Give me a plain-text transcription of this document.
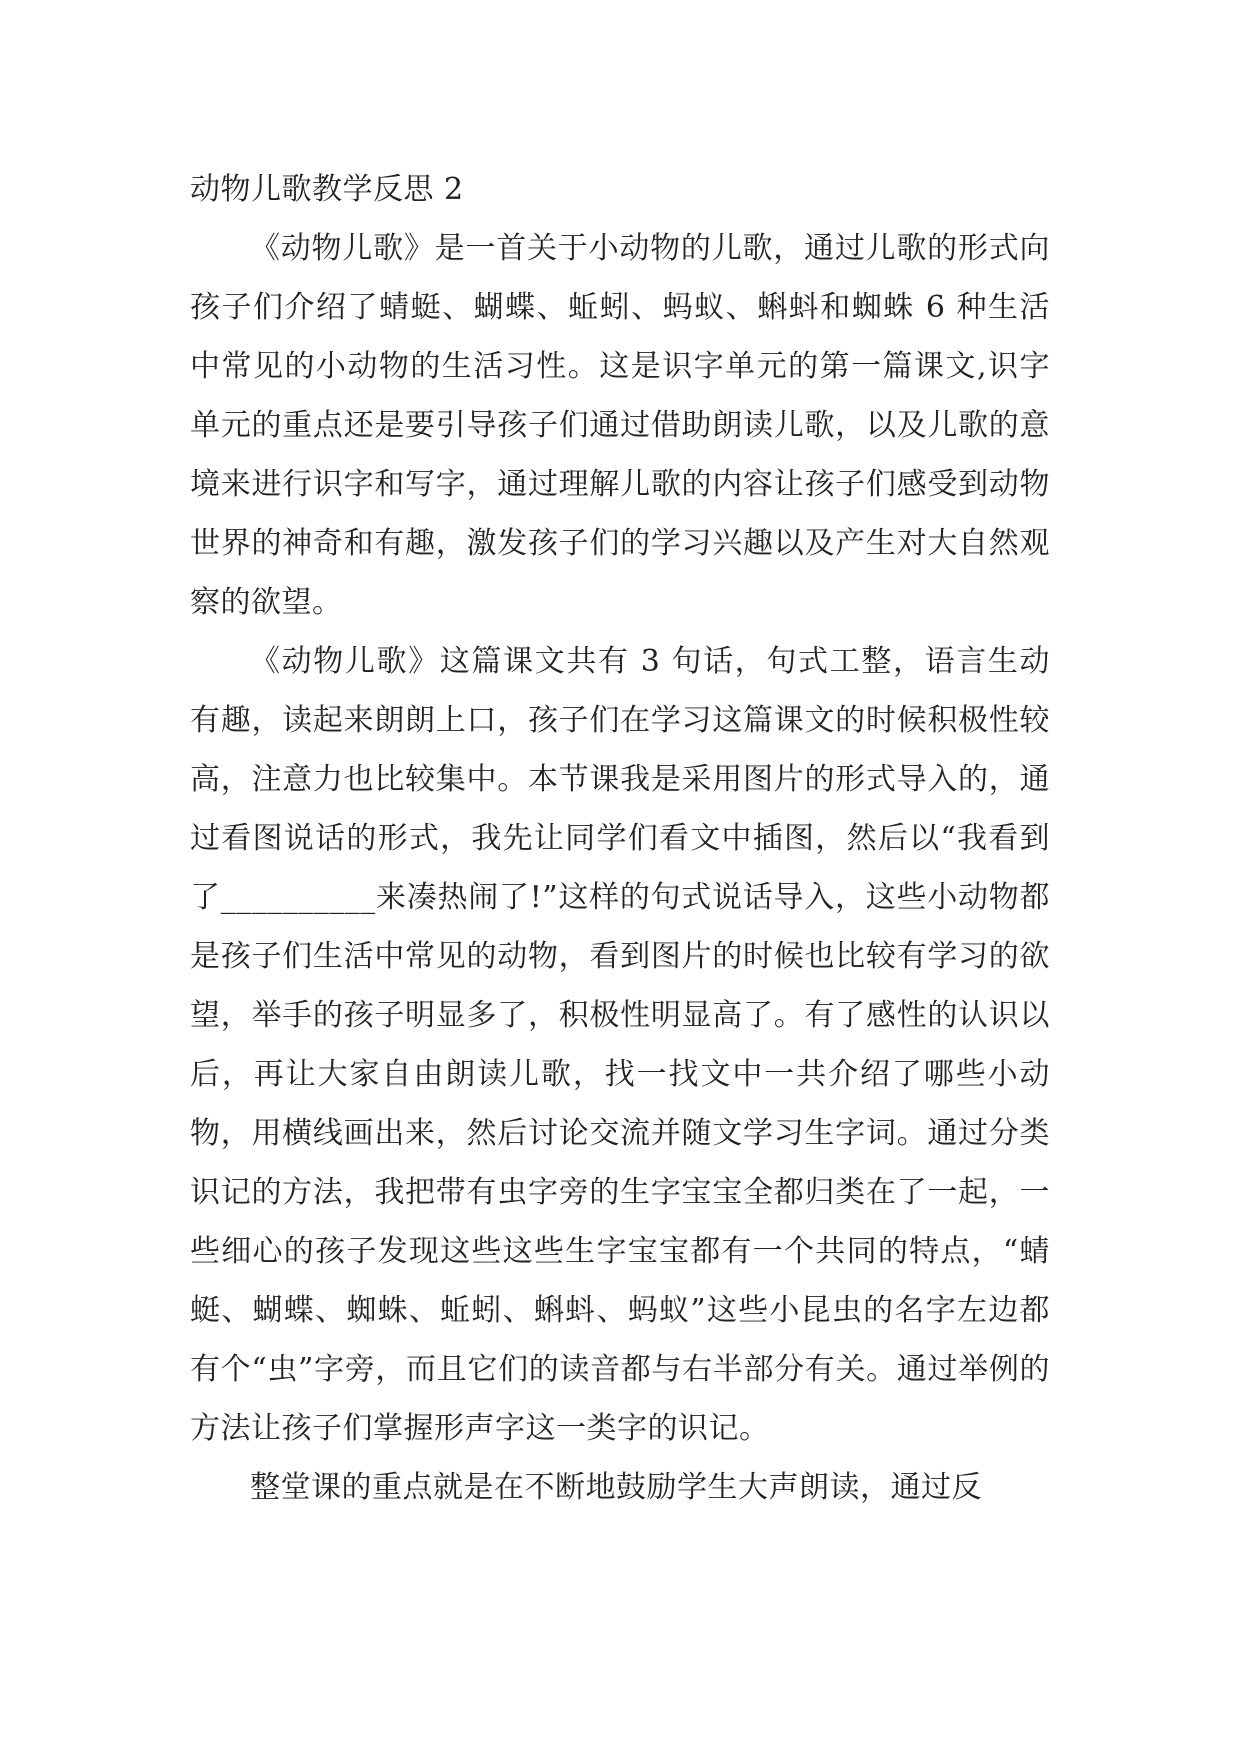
动物儿歌教学反思 2

《动物儿歌》是一首关于小动物的儿歌，通过儿歌的形式向孩子们介绍了蜻蜓、蝴蝶、蚯蚓、蚂蚁、蝌蚪和蜘蛛 6 种生活中常见的小动物的生活习性。这是识字单元的第一篇课文,识字单元的重点还是要引导孩子们通过借助朗读儿歌，以及儿歌的意境来进行识字和写字，通过理解儿歌的内容让孩子们感受到动物世界的神奇和有趣，激发孩子们的学习兴趣以及产生对大自然观察的欲望。

《动物儿歌》这篇课文共有 3 句话，句式工整，语言生动有趣，读起来朗朗上口，孩子们在学习这篇课文的时候积极性较高，注意力也比较集中。本节课我是采用图片的形式导入的，通过看图说话的形式，我先让同学们看文中插图，然后以“我看到了__________来凑热闹了!”这样的句式说话导入，这些小动物都是孩子们生活中常见的动物，看到图片的时候也比较有学习的欲望，举手的孩子明显多了，积极性明显高了。有了感性的认识以后，再让大家自由朗读儿歌，找一找文中一共介绍了哪些小动物，用横线画出来，然后讨论交流并随文学习生字词。通过分类识记的方法，我把带有虫字旁的生字宝宝全都归类在了一起，一些细心的孩子发现这些这些生字宝宝都有一个共同的特点，“蜻蜓、蝴蝶、蜘蛛、蚯蚓、蝌蚪、蚂蚁”这些小昆虫的名字左边都有个“虫”字旁，而且它们的读音都与右半部分有关。通过举例的方法让孩子们掌握形声字这一类字的识记。

整堂课的重点就是在不断地鼓励学生大声朗读，通过反
